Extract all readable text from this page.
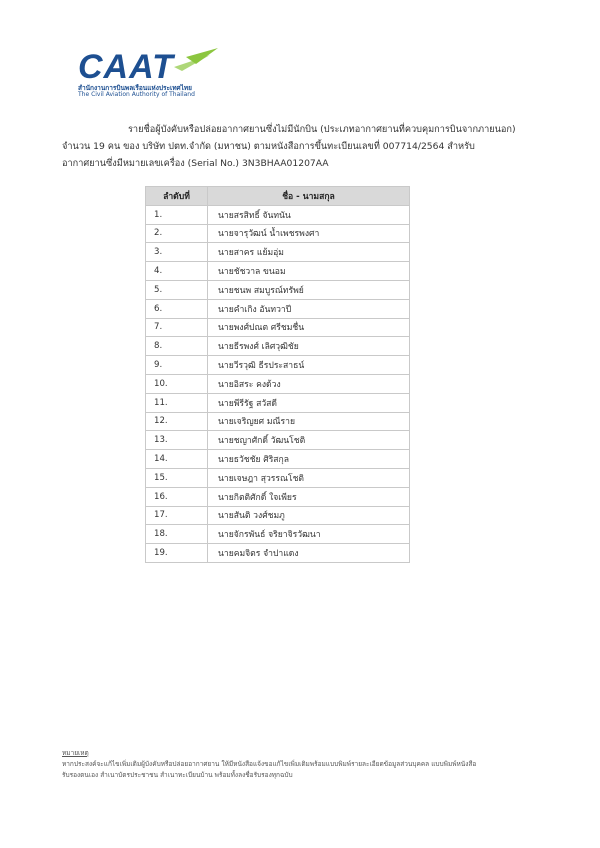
CAAT
สำนักงานการบินพลเรือนแห่งประเทศไทย
The Civil Aviation Authority of Thailand
รายชื่อผู้บังคับหรือปล่อยอากาศยานซึ่งไม่มีนักบิน (ประเภทอากาศยานที่ควบคุมการบินจากภายนอก)
จำนวน 19 คน ของ บริษัท ปตท.จำกัด (มหาชน) ตามหนังสือการขึ้นทะเบียนเลขที่ 007714/2564 สำหรับ
อากาศยานซึ่งมีหมายเลขเครื่อง (Serial No.) 3N3BHAA01207AA
ลำดับที่	ชื่อ - นามสกุล
1.	นายสรสิทธิ์ จันทนัน
2.	นายจารุวัฒน์ น้ำเพชรพงศา
3.	นายสาคร แย้มอุ่ม
4.	นายชัชวาล ขนอม
5.	นายชนพ สมบูรณ์ทรัพย์
6.	นายคำเกิง อันทวาปี
7.	นายพงศ์ปณต ศรีชมชื่น
8.	นายธีรพงศ์ เลิศวุฒิชัย
9.	นายวีรวุฒิ ธีรประสาธน์
10.	นายอิสระ คงด้วง
11.	นายพีรีรัฐ สวัสดี
12.	นายเจริญยศ มณีราย
13.	นายชญาศักดิ์ วัฒนโชติ
14.	นายธวัชชัย ศิริสกุล
15.	นายเจษฎา สุวรรณโชติ
16.	นายกิตติศักดิ์ ใจเพียร
17.	นายสันติ วงศ์ชมภู
18.	นายจักรพันธ์ จริยาจิรวัฒนา
19.	นายคมจิตร จำปาแดง
หมายเหตุ
หากประสงค์จะแก้ไขเพิ่มเติมผู้บังคับหรือปล่อยอากาศยาน ให้มีหนังสือแจ้งขอแก้ไขเพิ่มเติมพร้อมแบบพิมพ์รายละเอียดข้อมูลส่วนบุคคล แบบพิมพ์หนังสือ
รับรองตนเอง สำเนาบัตรประชาชน สำเนาทะเบียนบ้าน พร้อมทั้งลงชื่อรับรองทุกฉบับ
